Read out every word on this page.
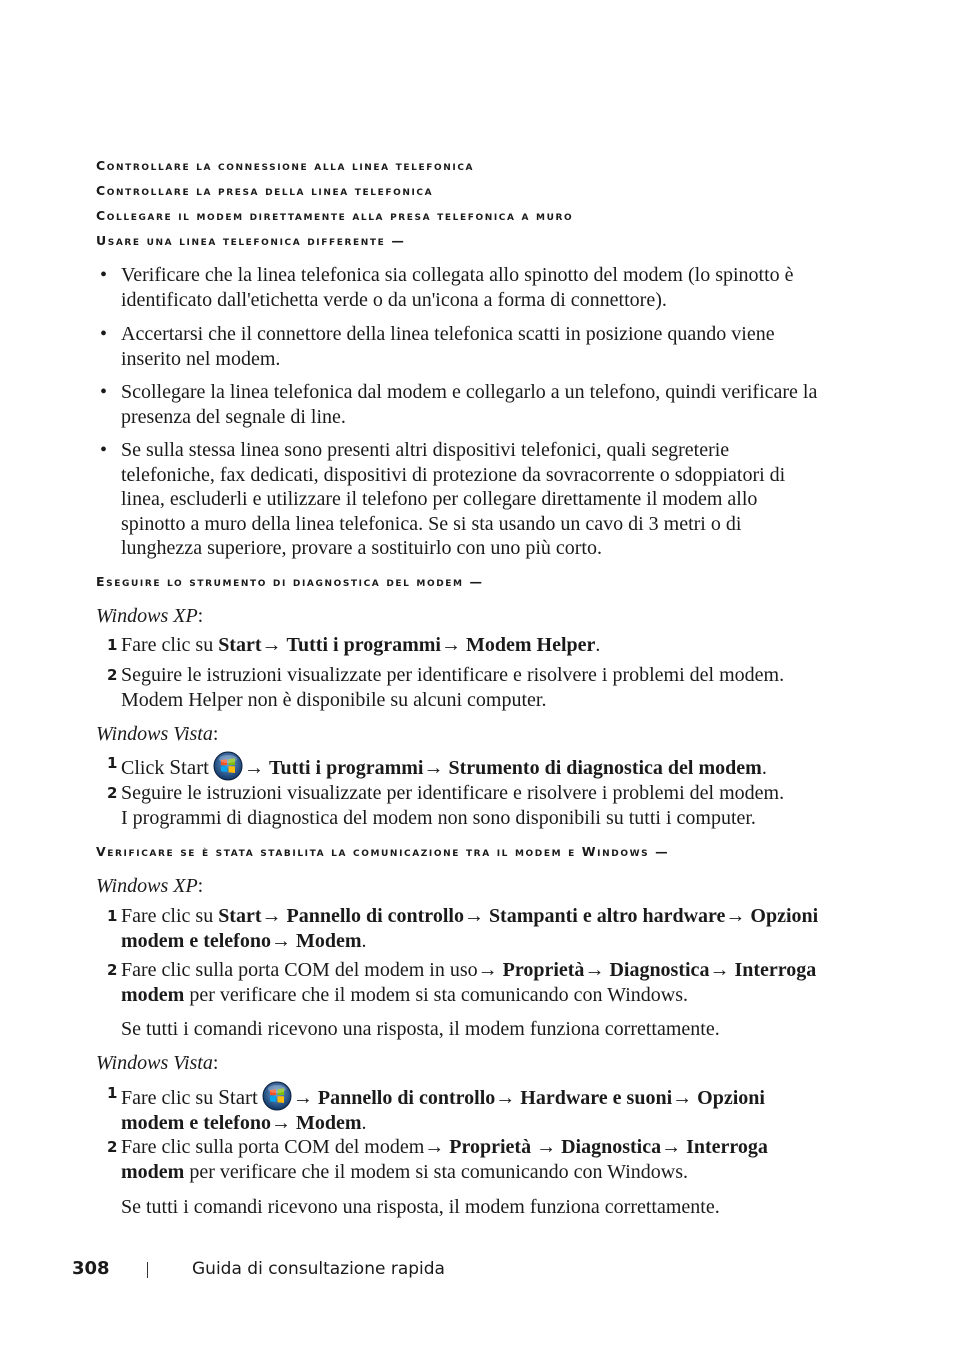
Controllare la connessione alla linea telefonica
Controllare la presa della linea telefonica
Collegare il modem direttamente alla presa telefonica a muro
Usare una linea telefonica differente —
• Verificare che la linea telefonica sia collegata allo spinotto del modem (lo spinotto è identificato dall'etichetta verde o da un'icona a forma di connettore).

• Accertarsi che il connettore della linea telefonica scatti in posizione quando viene inserito nel modem.

• Scollegare la linea telefonica dal modem e collegarlo a un telefono, quindi verificare la presenza del segnale di line.

• Se sulla stessa linea sono presenti altri dispositivi telefonici, quali segreterie telefoniche, fax dedicati, dispositivi di protezione da sovracorrente o sdoppiatori di linea, escluderli e utilizzare il telefono per collegare direttamente il modem allo spinotto a muro della linea telefonica. Se si sta usando un cavo di 3 metri o di lunghezza superiore, provare a sostituirlo con uno più corto.

Eseguire lo strumento di diagnostica del modem —

Windows XP:

1 Fare clic su Start→ Tutti i programmi→ Modem Helper.

2 Seguire le istruzioni visualizzate per identificare e risolvere i problemi del modem.
Modem Helper non è disponibile su alcuni computer.

Windows Vista:

1 Click Start → Tutti i programmi→ Strumento di diagnostica del modem.

2 Seguire le istruzioni visualizzate per identificare e risolvere i problemi del modem.
I programmi di diagnostica del modem non sono disponibili su tutti i computer.

Verificare se è stata stabilita la comunicazione tra il modem e Windows —

Windows XP:

1 Fare clic su Start→ Pannello di controllo→ Stampanti e altro hardware→ Opzioni modem e telefono→ Modem.

2 Fare clic sulla porta COM del modem in uso→ Proprietà→ Diagnostica→ Interroga modem per verificare che il modem si sta comunicando con Windows.

Se tutti i comandi ricevono una risposta, il modem funziona correttamente.

Windows Vista:

1 Fare clic su Start → Pannello di controllo→ Hardware e suoni→ Opzioni modem e telefono→ Modem.

2 Fare clic sulla porta COM del modem→ Proprietà → Diagnostica→ Interroga modem per verificare che il modem si sta comunicando con Windows.

Se tutti i comandi ricevono una risposta, il modem funziona correttamente.

308	Guida di consultazione rapida
